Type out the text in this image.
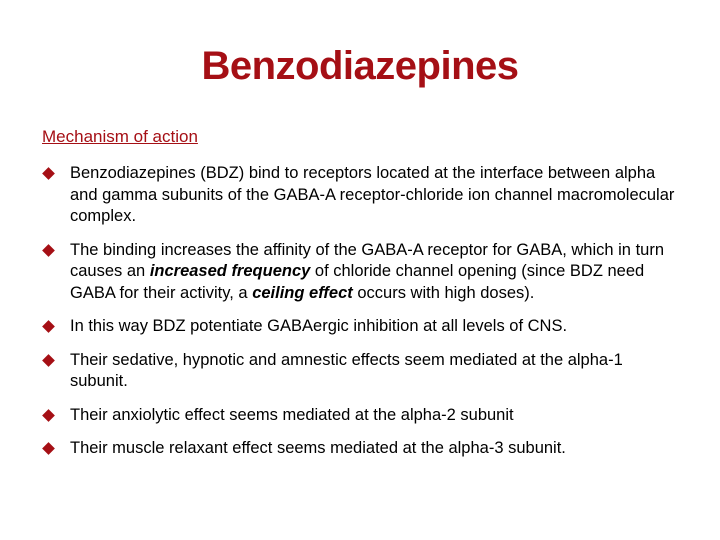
Benzodiazepines
Mechanism of action
Benzodiazepines (BDZ) bind to receptors located at the interface between alpha and gamma subunits of the GABA-A receptor-chloride ion channel macromolecular complex.
The binding increases the affinity of the GABA-A receptor for GABA, which in turn causes an increased frequency of chloride channel opening (since BDZ need GABA for their activity, a ceiling effect occurs with high doses).
In this way BDZ potentiate GABAergic inhibition at all levels of CNS.
Their sedative, hypnotic and amnestic effects seem mediated at the alpha-1 subunit.
Their anxiolytic effect seems mediated at the alpha-2 subunit
Their muscle relaxant effect seems mediated at the alpha-3 subunit.
